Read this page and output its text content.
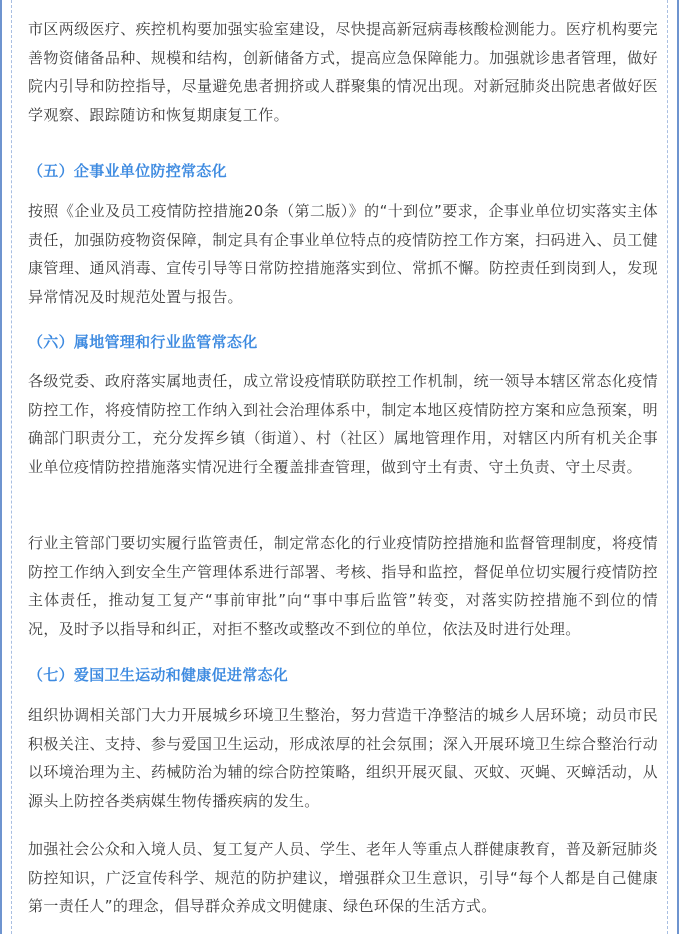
市区两级医疗、疾控机构要加强实验室建设，尽快提高新冠病毒核酸检测能力。医疗机构要完善物资储备品种、规模和结构，创新储备方式，提高应急保障能力。加强就诊患者管理，做好院内引导和防控指导，尽量避免患者拥挤或人群聚集的情况出现。对新冠肺炎出院患者做好医学观察、跟踪随访和恢复期康复工作。

（五）企事业单位防控常态化

按照《企业及员工疫情防控措施20条（第二版）》的“十到位”要求，企事业单位切实落实主体责任，加强防疫物资保障，制定具有企事业单位特点的疫情防控工作方案，扫码进入、员工健康管理、通风消毒、宣传引导等日常防控措施落实到位、常抓不懈。防控责任到岗到人，发现异常情况及时规范处置与报告。

（六）属地管理和行业监管常态化

各级党委、政府落实属地责任，成立常设疫情联防联控工作机制，统一领导本辖区常态化疫情防控工作，将疫情防控工作纳入到社会治理体系中，制定本地区疫情防控方案和应急预案，明确部门职责分工，充分发挥乡镇（街道）、村（社区）属地管理作用，对辖区内所有机关企事业单位疫情防控措施落实情况进行全覆盖排查管理，做到守土有责、守土负责、守土尽责。

行业主管部门要切实履行监管责任，制定常态化的行业疫情防控措施和监督管理制度，将疫情防控工作纳入到安全生产管理体系进行部署、考核、指导和监控，督促单位切实履行疫情防控主体责任，推动复工复产“事前审批”向“事中事后监管”转变，对落实防控措施不到位的情况，及时予以指导和纠正，对拒不整改或整改不到位的单位，依法及时进行处理。

（七）爱国卫生运动和健康促进常态化

组织协调相关部门大力开展城乡环境卫生整治，努力营造干净整洁的城乡人居环境；动员市民积极关注、支持、参与爱国卫生运动，形成浓厚的社会氛围；深入开展环境卫生综合整治行动以环境治理为主、药械防治为辅的综合防控策略，组织开展灭鼠、灭蚊、灭蝇、灭蟑活动，从源头上防控各类病媒生物传播疾病的发生。

加强社会公众和入境人员、复工复产人员、学生、老年人等重点人群健康教育，普及新冠肺炎防控知识，广泛宣传科学、规范的防护建议，增强群众卫生意识，引导“每个人都是自己健康第一责任人”的理念，倡导群众养成文明健康、绿色环保的生活方式。
